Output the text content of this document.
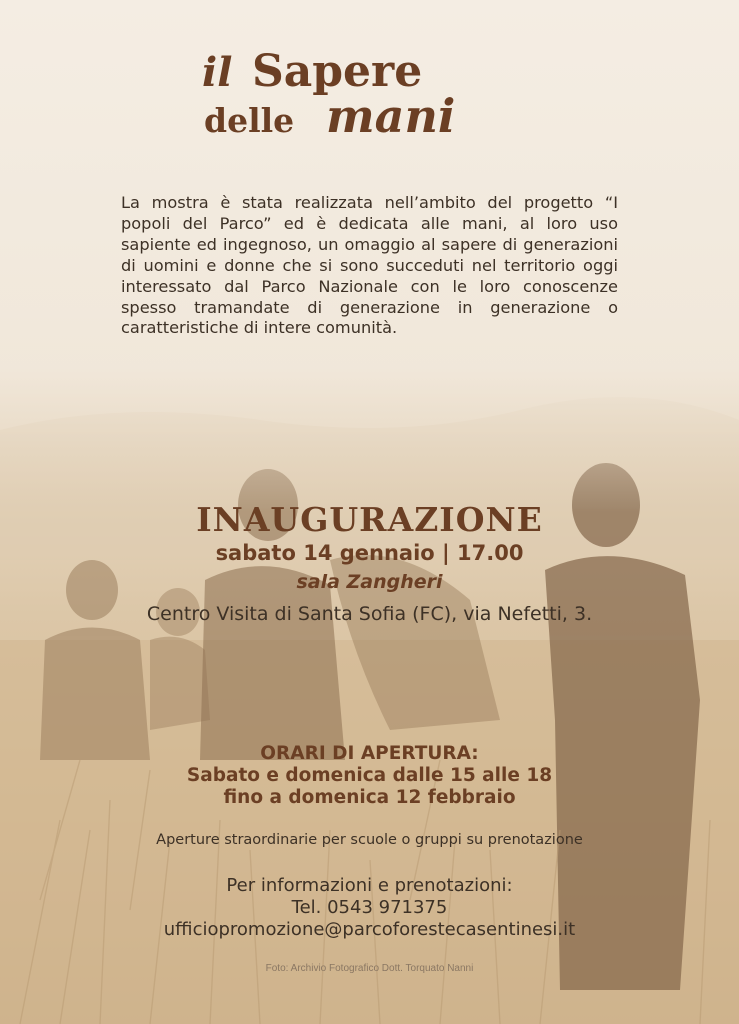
il Sapere
delle mani

La mostra è stata realizzata nell’ambito del progetto “I popoli del Parco” ed è dedicata alle mani, al loro uso sapiente ed ingegnoso, un omaggio al sapere di generazioni di uomini e donne che si sono succeduti nel territorio oggi interessato dal Parco Nazionale con le loro conoscenze spesso tramandate di generazione in generazione o caratteristiche di intere comunità.

INAUGURAZIONE
sabato 14 gennaio | 17.00
sala Zangheri
Centro Visita di Santa Sofia (FC), via Nefetti, 3.
ORARI DI APERTURA:
Sabato e domenica dalle 15 alle 18
fino a domenica 12 febbraio
Aperture straordinarie per scuole o gruppi su prenotazione
Per informazioni e prenotazioni:
Tel. 0543 971375
ufficiopromozione@parcoforestecasentinesi.it
Foto: Archivio Fotografico Dott. Torquato Nanni
